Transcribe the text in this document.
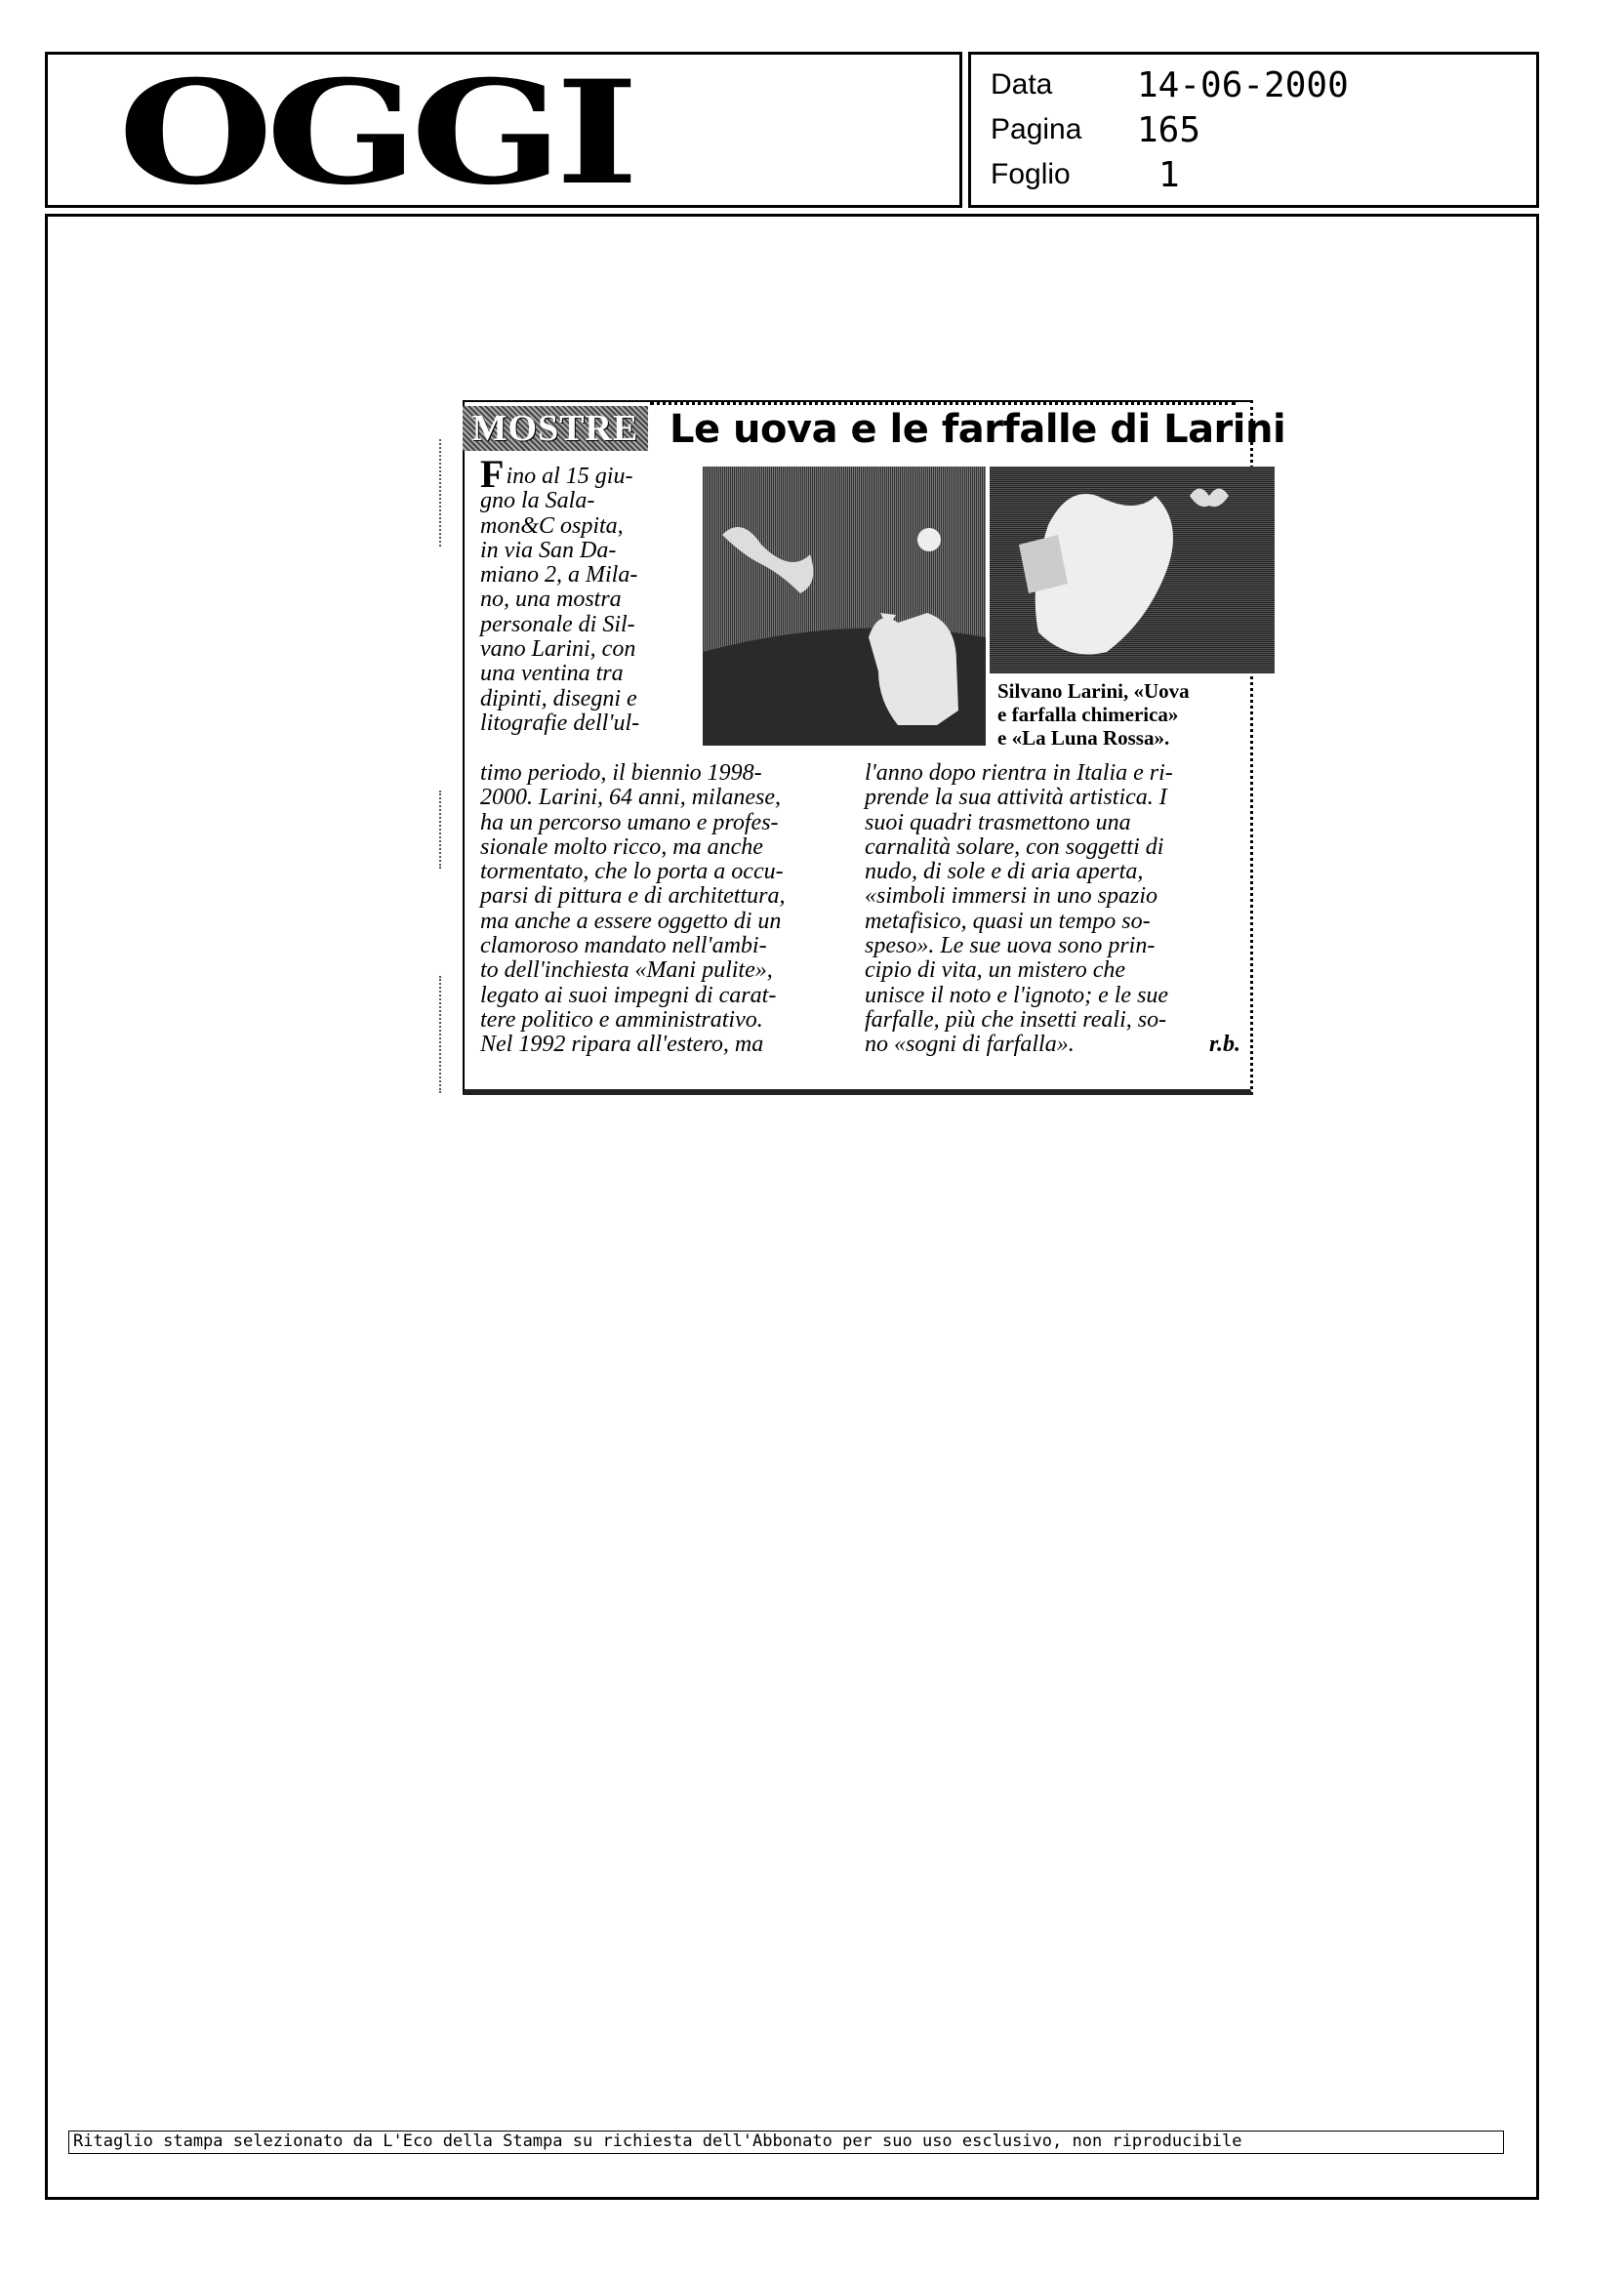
OGGI	Data	14-06-2000
Pagina	165
Foglio	1
MOSTRE Le uova e le farfalle di Larini
F ino al 15 giu-
gno la Sala-
mon&C ospita,
in via San Da-
miano 2, a Mila-
no, una mostra
personale di Sil-
vano Larini, con
una ventina tra
dipinti, disegni e
litografie dell'ul-
Silvano Larini, «Uova
e farfalla chimerica»
e «La Luna Rossa».
timo periodo, il biennio 1998-
2000. Larini, 64 anni, milanese,
ha un percorso umano e profes-
sionale molto ricco, ma anche
tormentato, che lo porta a occu-
parsi di pittura e di architettura,
ma anche a essere oggetto di un
clamoroso mandato nell'ambi-
to dell'inchiesta «Mani pulite»,
legato ai suoi impegni di carat-
tere politico e amministrativo.
Nel 1992 ripara all'estero, ma
l'anno dopo rientra in Italia e ri-
prende la sua attività artistica. I
suoi quadri trasmettono una
carnalità solare, con soggetti di
nudo, di sole e di aria aperta,
«simboli immersi in uno spazio
metafisico, quasi un tempo so-
speso». Le sue uova sono prin-
cipio di vita, un mistero che
unisce il noto e l'ignoto; e le sue
farfalle, più che insetti reali, so-
no «sogni di farfalla».	r.b.
Ritaglio stampa selezionato da L'Eco della Stampa su richiesta dell'Abbonato per suo uso esclusivo, non riproducibile
